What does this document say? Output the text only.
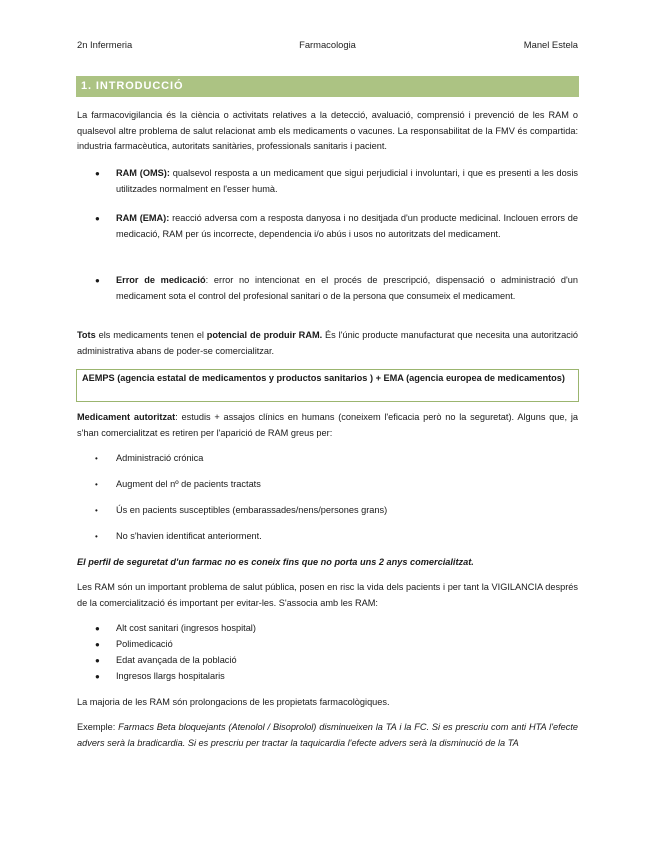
2n Infermeria	Farmacologia	Manel Estela
1. INTRODUCCIÓ
La farmacovigilancia és la ciència o activitats relatives a la detecció, avaluació, comprensió i prevenció de les RAM o qualsevol altre problema de salut relacionat amb els medicaments o vacunes. La responsabilitat de la FMV és compartida: industria farmacèutica, autoritats sanitàries, professionals sanitaris i pacient.
● RAM (OMS): qualsevol resposta a un medicament que sigui perjudicial i involuntari, i que es presenti a les dosis utilitzades normalment en l'esser humà.
● RAM (EMA): reacció adversa com a resposta danyosa i no desitjada d'un producte medicinal. Inclouen errors de medicació, RAM per ús incorrecte, dependencia i/o abús i usos no autoritzats del medicament.
● Error de medicació: error no intencionat en el procés de prescripció, dispensació o administració d'un medicament sota el control del profesional sanitari o de la persona que consumeix el medicament.
Tots els medicaments tenen el potencial de produir RAM. És l'únic producte manufacturat que necesita una autorització administrativa abans de poder-se comercialitzar.
AEMPS (agencia estatal de medicamentos y productos sanitarios ) + EMA (agencia europea de medicamentos)
Medicament autoritzat: estudis + assajos clínics en humans (coneixem l'eficacia però no la seguretat). Alguns que, ja s'han comercialitzat es retiren per l'aparició de RAM greus per:
• Administració crónica
• Augment del nº de pacients tractats
• Ús en pacients susceptibles (embarassades/nens/persones grans)
• No s'havien identificat anteriorment.
El perfil de seguretat d'un farmac no es coneix fins que no porta uns 2 anys comercialitzat.
Les RAM són un important problema de salut pública, posen en risc la vida dels pacients i per tant la VIGILANCIA després de la comercialització és important per evitar-les. S'associa amb les RAM:
● Alt cost sanitari (ingresos hospital)
● Polimedicació
● Edat avançada de la població
● Ingresos llargs hospitalaris
La majoria de les RAM són prolongacions de les propietats farmacològiques.
Exemple: Farmacs Beta bloquejants (Atenolol / Bisoprolol) disminueixen la TA i la FC. Si es prescriu com anti HTA l'efecte advers serà la bradicardia. Si es prescriu per tractar la taquicardia l'efecte advers serà la disminució de la TA
